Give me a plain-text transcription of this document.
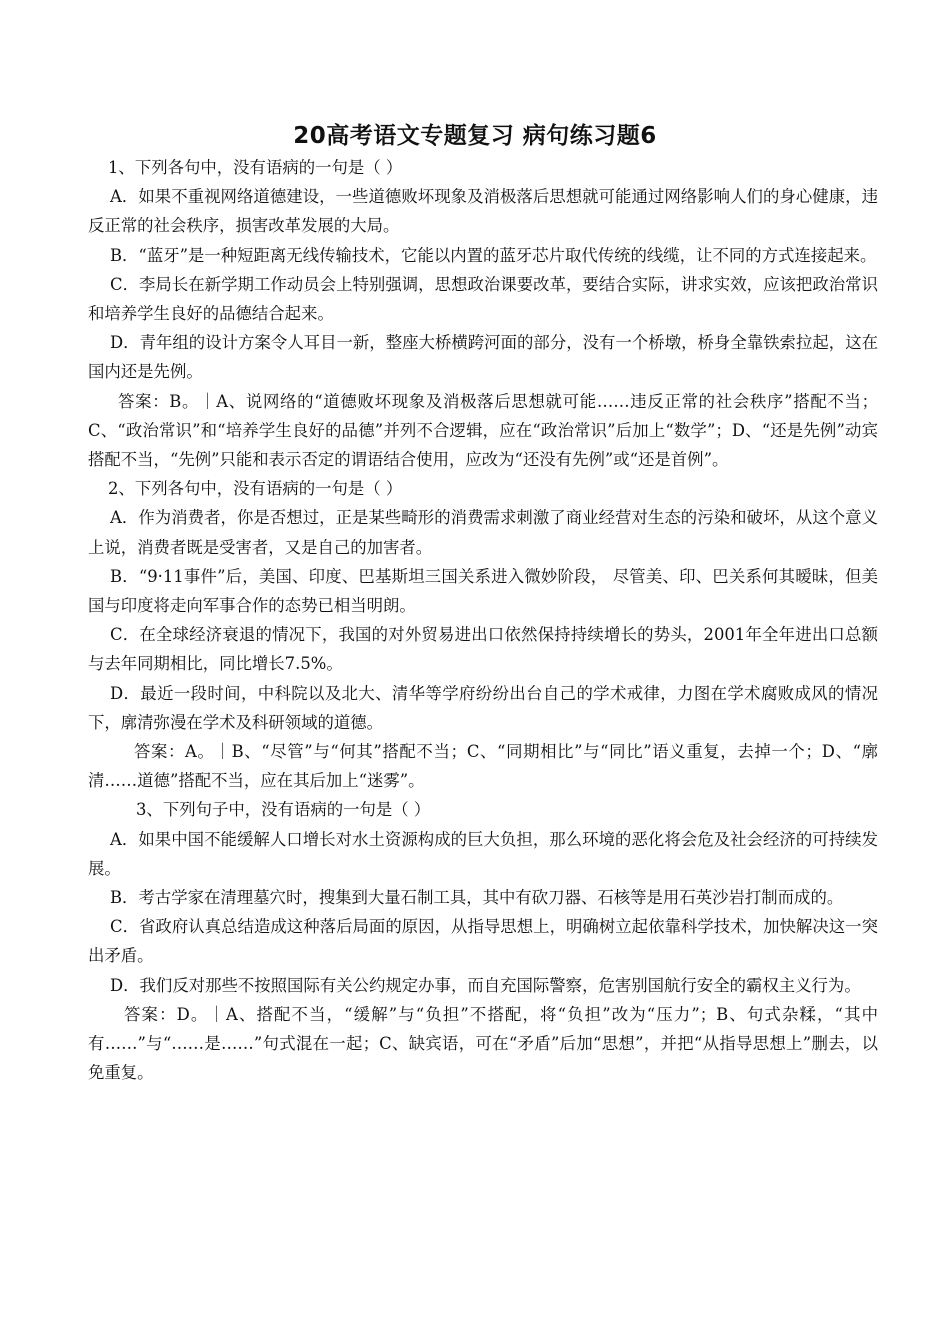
20高考语文专题复习 病句练习题6

1、下列各句中，没有语病的一句是（ ）

A．如果不重视网络道德建设，一些道德败坏现象及消极落后思想就可能通过网络影响人们的身心健康，违反正常的社会秩序，损害改革发展的大局。

B．“蓝牙”是一种短距离无线传输技术，它能以内置的蓝牙芯片取代传统的线缆，让不同的方式连接起来。

C．李局长在新学期工作动员会上特别强调，思想政治课要改革，要结合实际，讲求实效，应该把政治常识和培养学生良好的品德结合起来。

D．青年组的设计方案令人耳目一新，整座大桥横跨河面的部分，没有一个桥墩，桥身全靠铁索拉起，这在国内还是先例。

答案：B。｜A、说网络的“道德败坏现象及消极落后思想就可能……违反正常的社会秩序”搭配不当；C、“政治常识”和“培养学生良好的品德”并列不合逻辑，应在“政治常识”后加上“数学”；D、“还是先例”动宾搭配不当，“先例”只能和表示否定的谓语结合使用，应改为“还没有先例”或“还是首例”。

2、下列各句中，没有语病的一句是（ ）

A．作为消费者，你是否想过，正是某些畸形的消费需求刺激了商业经营对生态的污染和破坏，从这个意义上说，消费者既是受害者，又是自己的加害者。

B．“9·11事件”后，美国、印度、巴基斯坦三国关系进入微妙阶段， 尽管美、印、巴关系何其暧昧，但美国与印度将走向军事合作的态势已相当明朗。

C．在全球经济衰退的情况下，我国的对外贸易进出口依然保持持续增长的势头，2001年全年进出口总额与去年同期相比，同比增长7.5%。

D．最近一段时间，中科院以及北大、清华等学府纷纷出台自己的学术戒律，力图在学术腐败成风的情况下，廓清弥漫在学术及科研领域的道德。

答案：A。｜B、“尽管”与“何其”搭配不当；C、“同期相比”与“同比”语义重复，去掉一个；D、“廓清……道德”搭配不当，应在其后加上“迷雾”。

3、下列句子中，没有语病的一句是（ ）

A．如果中国不能缓解人口增长对水土资源构成的巨大负担，那么环境的恶化将会危及社会经济的可持续发展。

B．考古学家在清理墓穴时，搜集到大量石制工具，其中有砍刀器、石核等是用石英沙岩打制而成的。

C．省政府认真总结造成这种落后局面的原因，从指导思想上，明确树立起依靠科学技术，加快解决这一突出矛盾。

D．我们反对那些不按照国际有关公约规定办事，而自充国际警察，危害别国航行安全的霸权主义行为。

答案：D。｜A、搭配不当，“缓解”与“负担”不搭配，将“负担”改为“压力”；B、句式杂糅，“其中有……”与“……是……”句式混在一起；C、缺宾语，可在“矛盾”后加“思想”，并把“从指导思想上”删去，以免重复。
